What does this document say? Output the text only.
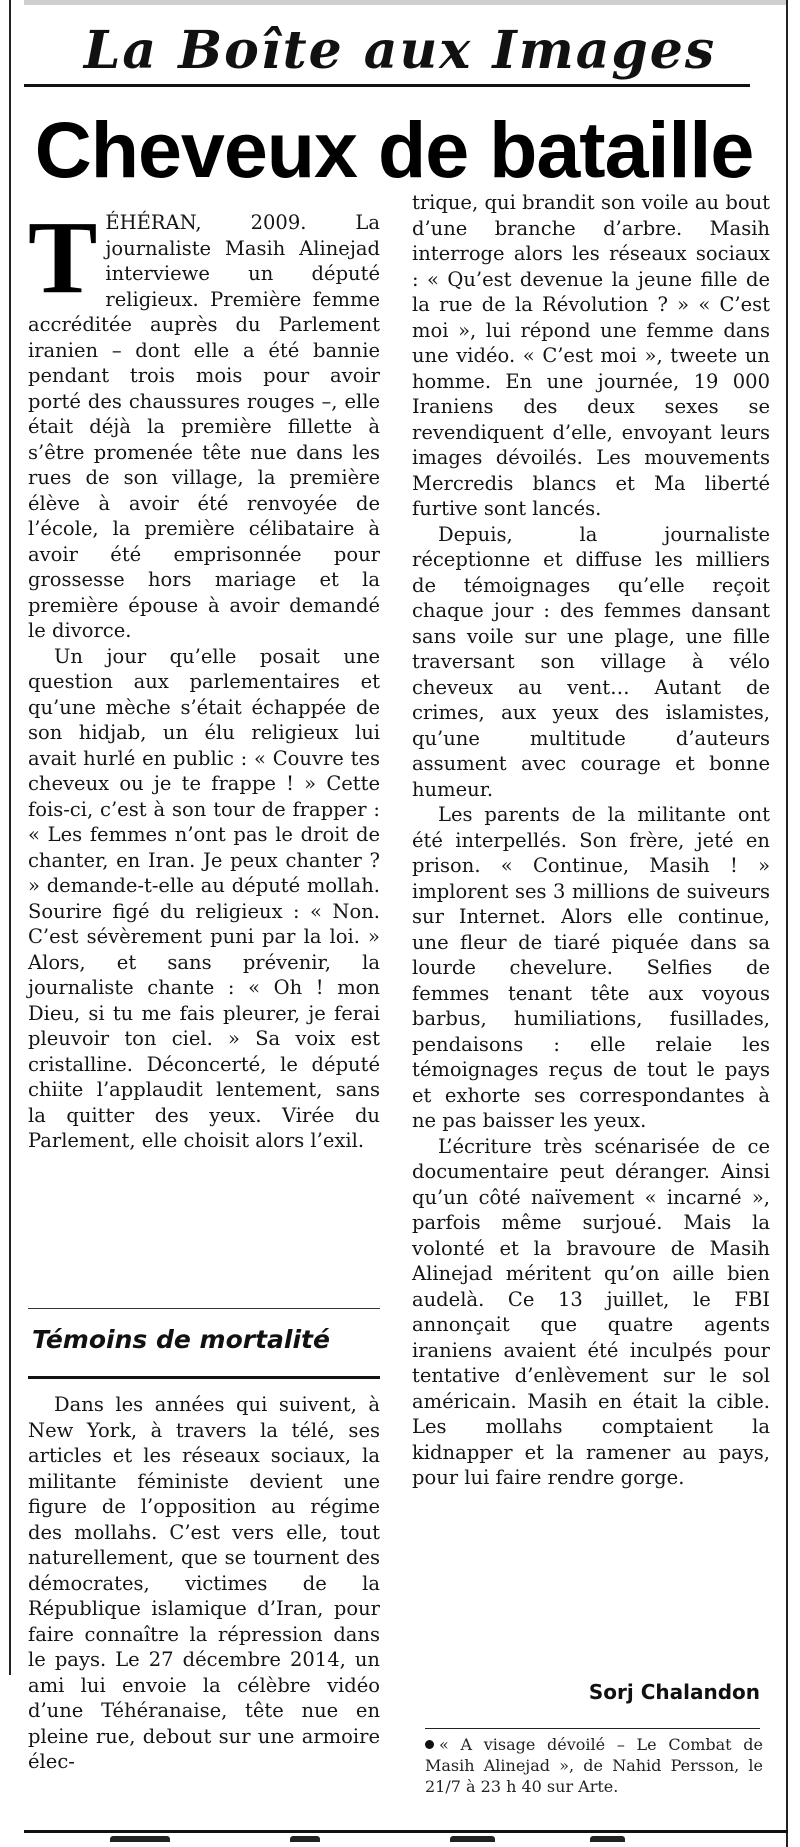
La Boîte aux Images
Cheveux de bataille

TÉHÉRAN, 2009. La journaliste Masih Alinejad interviewe un député religieux. Première femme accréditée auprès du Parlement iranien – dont elle a été bannie pendant trois mois pour avoir porté des chaussures rouges –, elle était déjà la première fillette à s’être promenée tête nue dans les rues de son village, la première élève à avoir été renvoyée de l’école, la première célibataire à avoir été emprisonnée pour grossesse hors mariage et la première épouse à avoir demandé le divorce.

Un jour qu’elle posait une question aux parlementaires et qu’une mèche s’était échappée de son hidjab, un élu religieux lui avait hurlé en public : « Couvre tes cheveux ou je te frappe ! » Cette fois-ci, c’est à son tour de frapper : « Les femmes n’ont pas le droit de chanter, en Iran. Je peux chanter ? » demande-t-elle au député mollah. Sourire figé du religieux : « Non. C’est sévèrement puni par la loi. » Alors, et sans prévenir, la journaliste chante : « Oh ! mon Dieu, si tu me fais pleurer, je ferai pleuvoir ton ciel. » Sa voix est cristalline. Déconcerté, le député chiite l’applaudit lentement, sans la quitter des yeux. Virée du Parlement, elle choisit alors l’exil.

Témoins de mortalité

Dans les années qui suivent, à New York, à travers la télé, ses articles et les réseaux sociaux, la militante féministe devient une figure de l’opposition au régime des mollahs. C’est vers elle, tout naturellement, que se tournent des démocrates, victimes de la République islamique d’Iran, pour faire connaître la répression dans le pays. Le 27 décembre 2014, un ami lui envoie la célèbre vidéo d’une Téhéranaise, tête nue en pleine rue, debout sur une armoire élec-

trique, qui brandit son voile au bout d’une branche d’arbre. Masih interroge alors les réseaux sociaux : « Qu’est devenue la jeune fille de la rue de la Révolution ? » « C’est moi », lui répond une femme dans une vidéo. « C’est moi », tweete un homme. En une journée, 19 000 Iraniens des deux sexes se revendiquent d’elle, envoyant leurs images dévoilés. Les mouvements Mercredis blancs et Ma liberté furtive sont lancés.

Depuis, la journaliste réceptionne et diffuse les milliers de témoignages qu’elle reçoit chaque jour : des femmes dansant sans voile sur une plage, une fille traversant son village à vélo cheveux au vent… Autant de crimes, aux yeux des islamistes, qu’une multitude d’auteurs assument avec courage et bonne humeur.

Les parents de la militante ont été interpellés. Son frère, jeté en prison. « Continue, Masih ! » implorent ses 3 millions de suiveurs sur Internet. Alors elle continue, une fleur de tiaré piquée dans sa lourde chevelure. Selfies de femmes tenant tête aux voyous barbus, humiliations, fusillades, pendaisons : elle relaie les témoignages reçus de tout le pays et exhorte ses correspondantes à ne pas baisser les yeux.

L’écriture très scénarisée de ce documentaire peut déranger. Ainsi qu’un côté naïvement « incarné », parfois même surjoué. Mais la volonté et la bravoure de Masih Alinejad méritent qu’on aille bien audelà. Ce 13 juillet, le FBI annonçait que quatre agents iraniens avaient été inculpés pour tentative d’enlèvement sur le sol américain. Masih en était la cible. Les mollahs comptaient la kidnapper et la ramener au pays, pour lui faire rendre gorge.

Sorj Chalandon
« A visage dévoilé – Le Combat de Masih Alinejad », de Nahid Persson, le 21/7 à 23 h 40 sur Arte.
